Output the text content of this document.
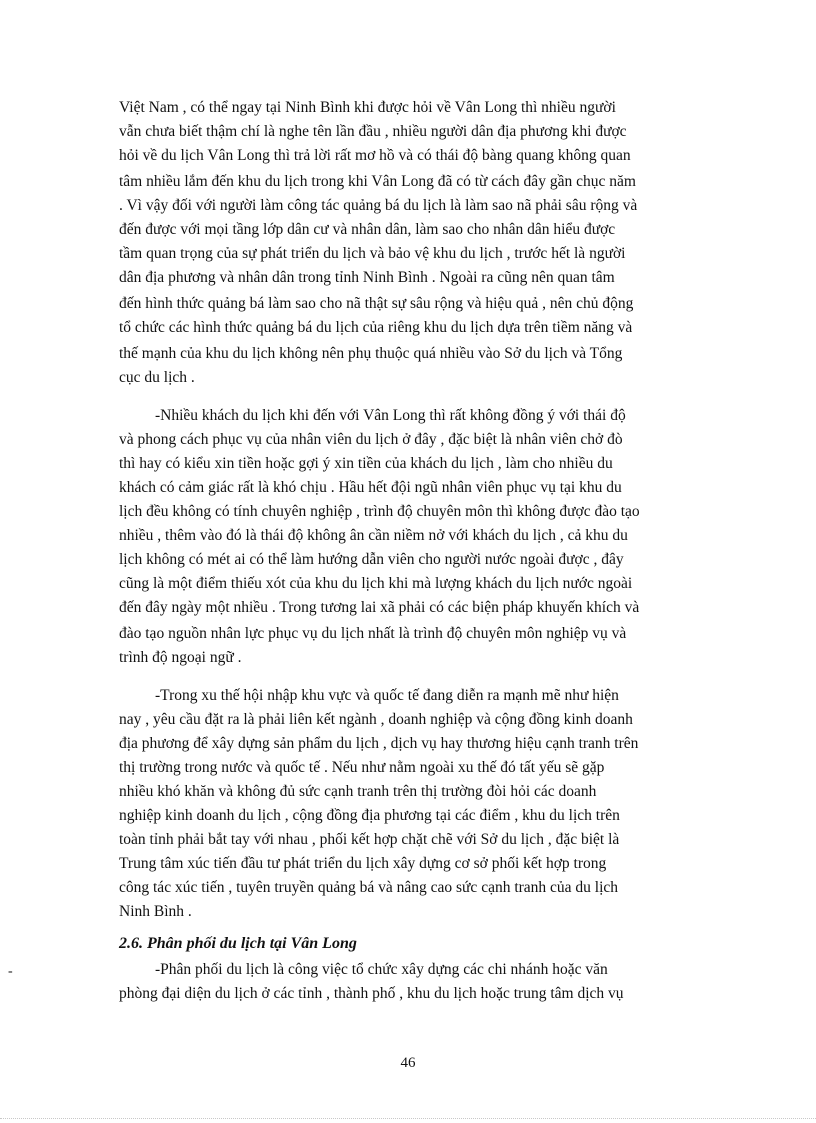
Việt Nam , có thể ngay tại Ninh Bình khi được hỏi về Vân Long thì nhiều người
vẫn chưa biết thậm chí là nghe tên lần đầu , nhiều người dân địa phương khi được
hỏi về du lịch Vân Long thì trả lời rất mơ hồ và có thái độ bàng quang không quan
tâm nhiều lắm đến khu du lịch trong khi Vân Long đã có từ cách đây gần chục năm
. Vì vậy đối với người làm công tác quảng bá du lịch là làm sao nã phải sâu rộng và
đến được với mọi tầng lớp dân cư và nhân dân, làm sao cho nhân dân hiểu được
tầm quan trọng của sự phát triển du lịch và bảo vệ khu du lịch , trước hết là người
dân địa phương và nhân dân trong tỉnh Ninh Bình . Ngoài ra cũng nên quan tâm
đến hình thức quảng bá làm sao cho nã thật sự sâu rộng và hiệu quả , nên chủ động
tổ chức các hình thức quảng bá du lịch của riêng khu du lịch dựa trên tiềm năng và
thế mạnh của khu du lịch không nên phụ thuộc quá nhiều vào Sở du lịch và Tổng
cục du lịch .
-Nhiều khách du lịch khi đến với Vân Long thì rất không đồng ý với thái độ
và phong cách phục vụ của nhân viên du lịch ở đây , đặc biệt là nhân viên chở đò
thì hay có kiểu xin tiền hoặc gợi ý xin tiền của khách du lịch , làm cho nhiều du
khách có cảm giác rất là khó chịu . Hầu hết đội ngũ nhân viên phục vụ tại khu du
lịch đều không có tính chuyên nghiệp , trình độ chuyên môn thì không được đào tạo
nhiều , thêm vào đó là thái độ không ân cần niềm nở với khách du lịch , cả khu du
lịch không có mét ai có thể làm hướng dẫn viên cho người nước ngoài được , đây
cũng là một điểm thiếu xót của khu du lịch khi mà lượng khách du lịch nước ngoài
đến đây ngày một nhiều . Trong tương lai xã phải có các biện pháp khuyến khích và
đào tạo nguồn nhân lực phục vụ du lịch nhất là trình độ chuyên môn nghiệp vụ và
trình độ ngoại ngữ .
-Trong xu thế hội nhập khu vực và quốc tế đang diễn ra mạnh mẽ như hiện
nay , yêu cầu đặt ra là phải liên kết ngành , doanh nghiệp và cộng đồng kinh doanh
địa phương để xây dựng sản phẩm du lịch , dịch vụ hay thương hiệu cạnh tranh trên
thị trường trong nước và quốc tế . Nếu như nằm ngoài xu thế đó tất yếu sẽ gặp
nhiều khó khăn và không đủ sức cạnh tranh trên thị trường đòi hỏi các doanh
nghiệp kinh doanh du lịch , cộng đồng địa phương tại các điểm , khu du lịch trên
toàn tỉnh phải bắt tay với nhau , phối kết hợp chặt chẽ với Sở du lịch , đặc biệt là
Trung tâm xúc tiến đầu tư phát triển du lịch xây dựng cơ sở phối kết hợp trong
công tác xúc tiến , tuyên truyền quảng bá và nâng cao sức cạnh tranh của du lịch
Ninh Bình .
2.6. Phân phối du lịch tại Vân Long
-Phân phối du lịch là công việc tổ chức xây dựng các chi nhánh hoặc văn
phòng đại diện du lịch ở các tỉnh , thành phố , khu du lịch hoặc trung tâm dịch vụ
-
46
